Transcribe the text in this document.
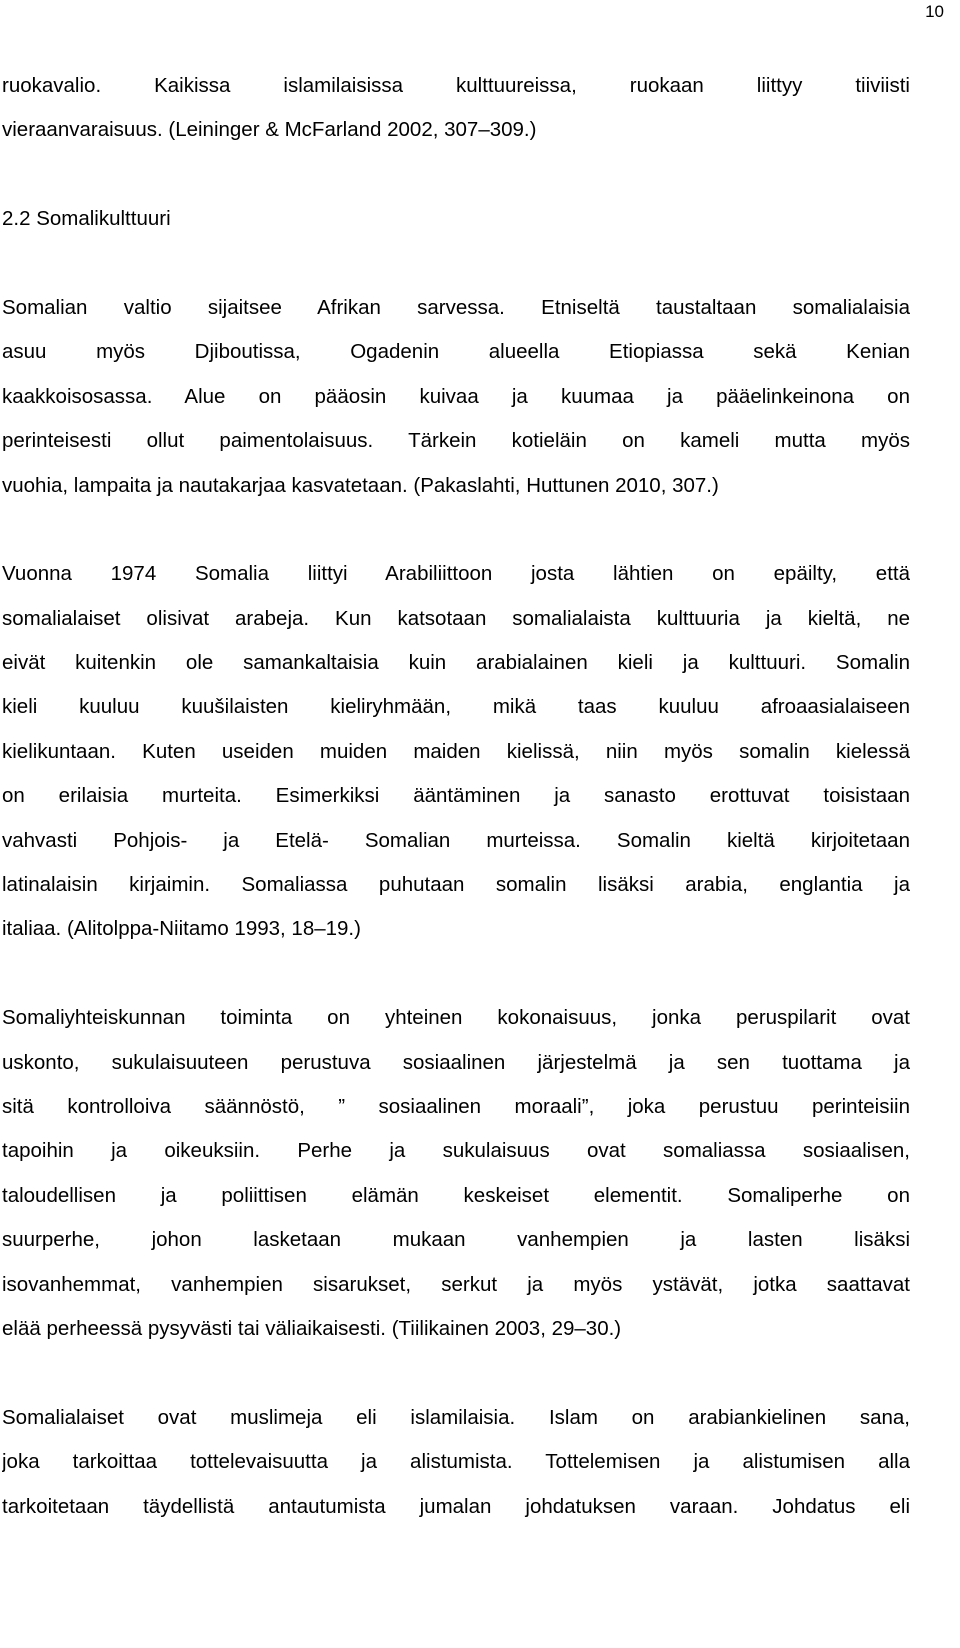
10
ruokavalio. Kaikissa islamilaisissa kulttuureissa, ruokaan liittyy tiiviisti
vieraanvaraisuus. (Leininger & McFarland 2002, 307–309.)
2.2 Somalikulttuuri
Somalian valtio sijaitsee Afrikan sarvessa. Etniseltä taustaltaan somalialaisia
asuu myös Djiboutissa, Ogadenin alueella Etiopiassa sekä Kenian
kaakkoisosassa. Alue on pääosin kuivaa ja kuumaa ja pääelinkeinona on
perinteisesti ollut paimentolaisuus. Tärkein kotieläin on kameli mutta myös
vuohia, lampaita ja nautakarjaa kasvatetaan. (Pakaslahti, Huttunen 2010, 307.)
Vuonna 1974 Somalia liittyi Arabiliittoon josta lähtien on epäilty, että
somalialaiset olisivat arabeja. Kun katsotaan somalialaista kulttuuria ja kieltä, ne
eivät kuitenkin ole samankaltaisia kuin arabialainen kieli ja kulttuuri. Somalin
kieli kuuluu kuušilaisten kieliryhmään, mikä taas kuuluu afroaasialaiseen
kielikuntaan. Kuten useiden muiden maiden kielissä, niin myös somalin kielessä
on erilaisia murteita. Esimerkiksi ääntäminen ja sanasto erottuvat toisistaan
vahvasti Pohjois- ja Etelä- Somalian murteissa. Somalin kieltä kirjoitetaan
latinalaisin kirjaimin. Somaliassa puhutaan somalin lisäksi arabia, englantia ja
italiaa. (Alitolppa-Niitamo 1993, 18–19.)
Somaliyhteiskunnan toiminta on yhteinen kokonaisuus, jonka peruspilarit ovat
uskonto, sukulaisuuteen perustuva sosiaalinen järjestelmä ja sen tuottama ja
sitä kontrolloiva säännöstö, ” sosiaalinen moraali”, joka perustuu perinteisiin
tapoihin ja oikeuksiin. Perhe ja sukulaisuus ovat somaliassa sosiaalisen,
taloudellisen ja poliittisen elämän keskeiset elementit. Somaliperhe on
suurperhe, johon lasketaan mukaan vanhempien ja lasten lisäksi
isovanhemmat, vanhempien sisarukset, serkut ja myös ystävät, jotka saattavat
elää perheessä pysyvästi tai väliaikaisesti. (Tiilikainen 2003, 29–30.)
Somalialaiset ovat muslimeja eli islamilaisia. Islam on arabiankielinen sana,
joka tarkoittaa tottelevaisuutta ja alistumista. Tottelemisen ja alistumisen alla
tarkoitetaan täydellistä antautumista jumalan johdatuksen varaan. Johdatus eli
